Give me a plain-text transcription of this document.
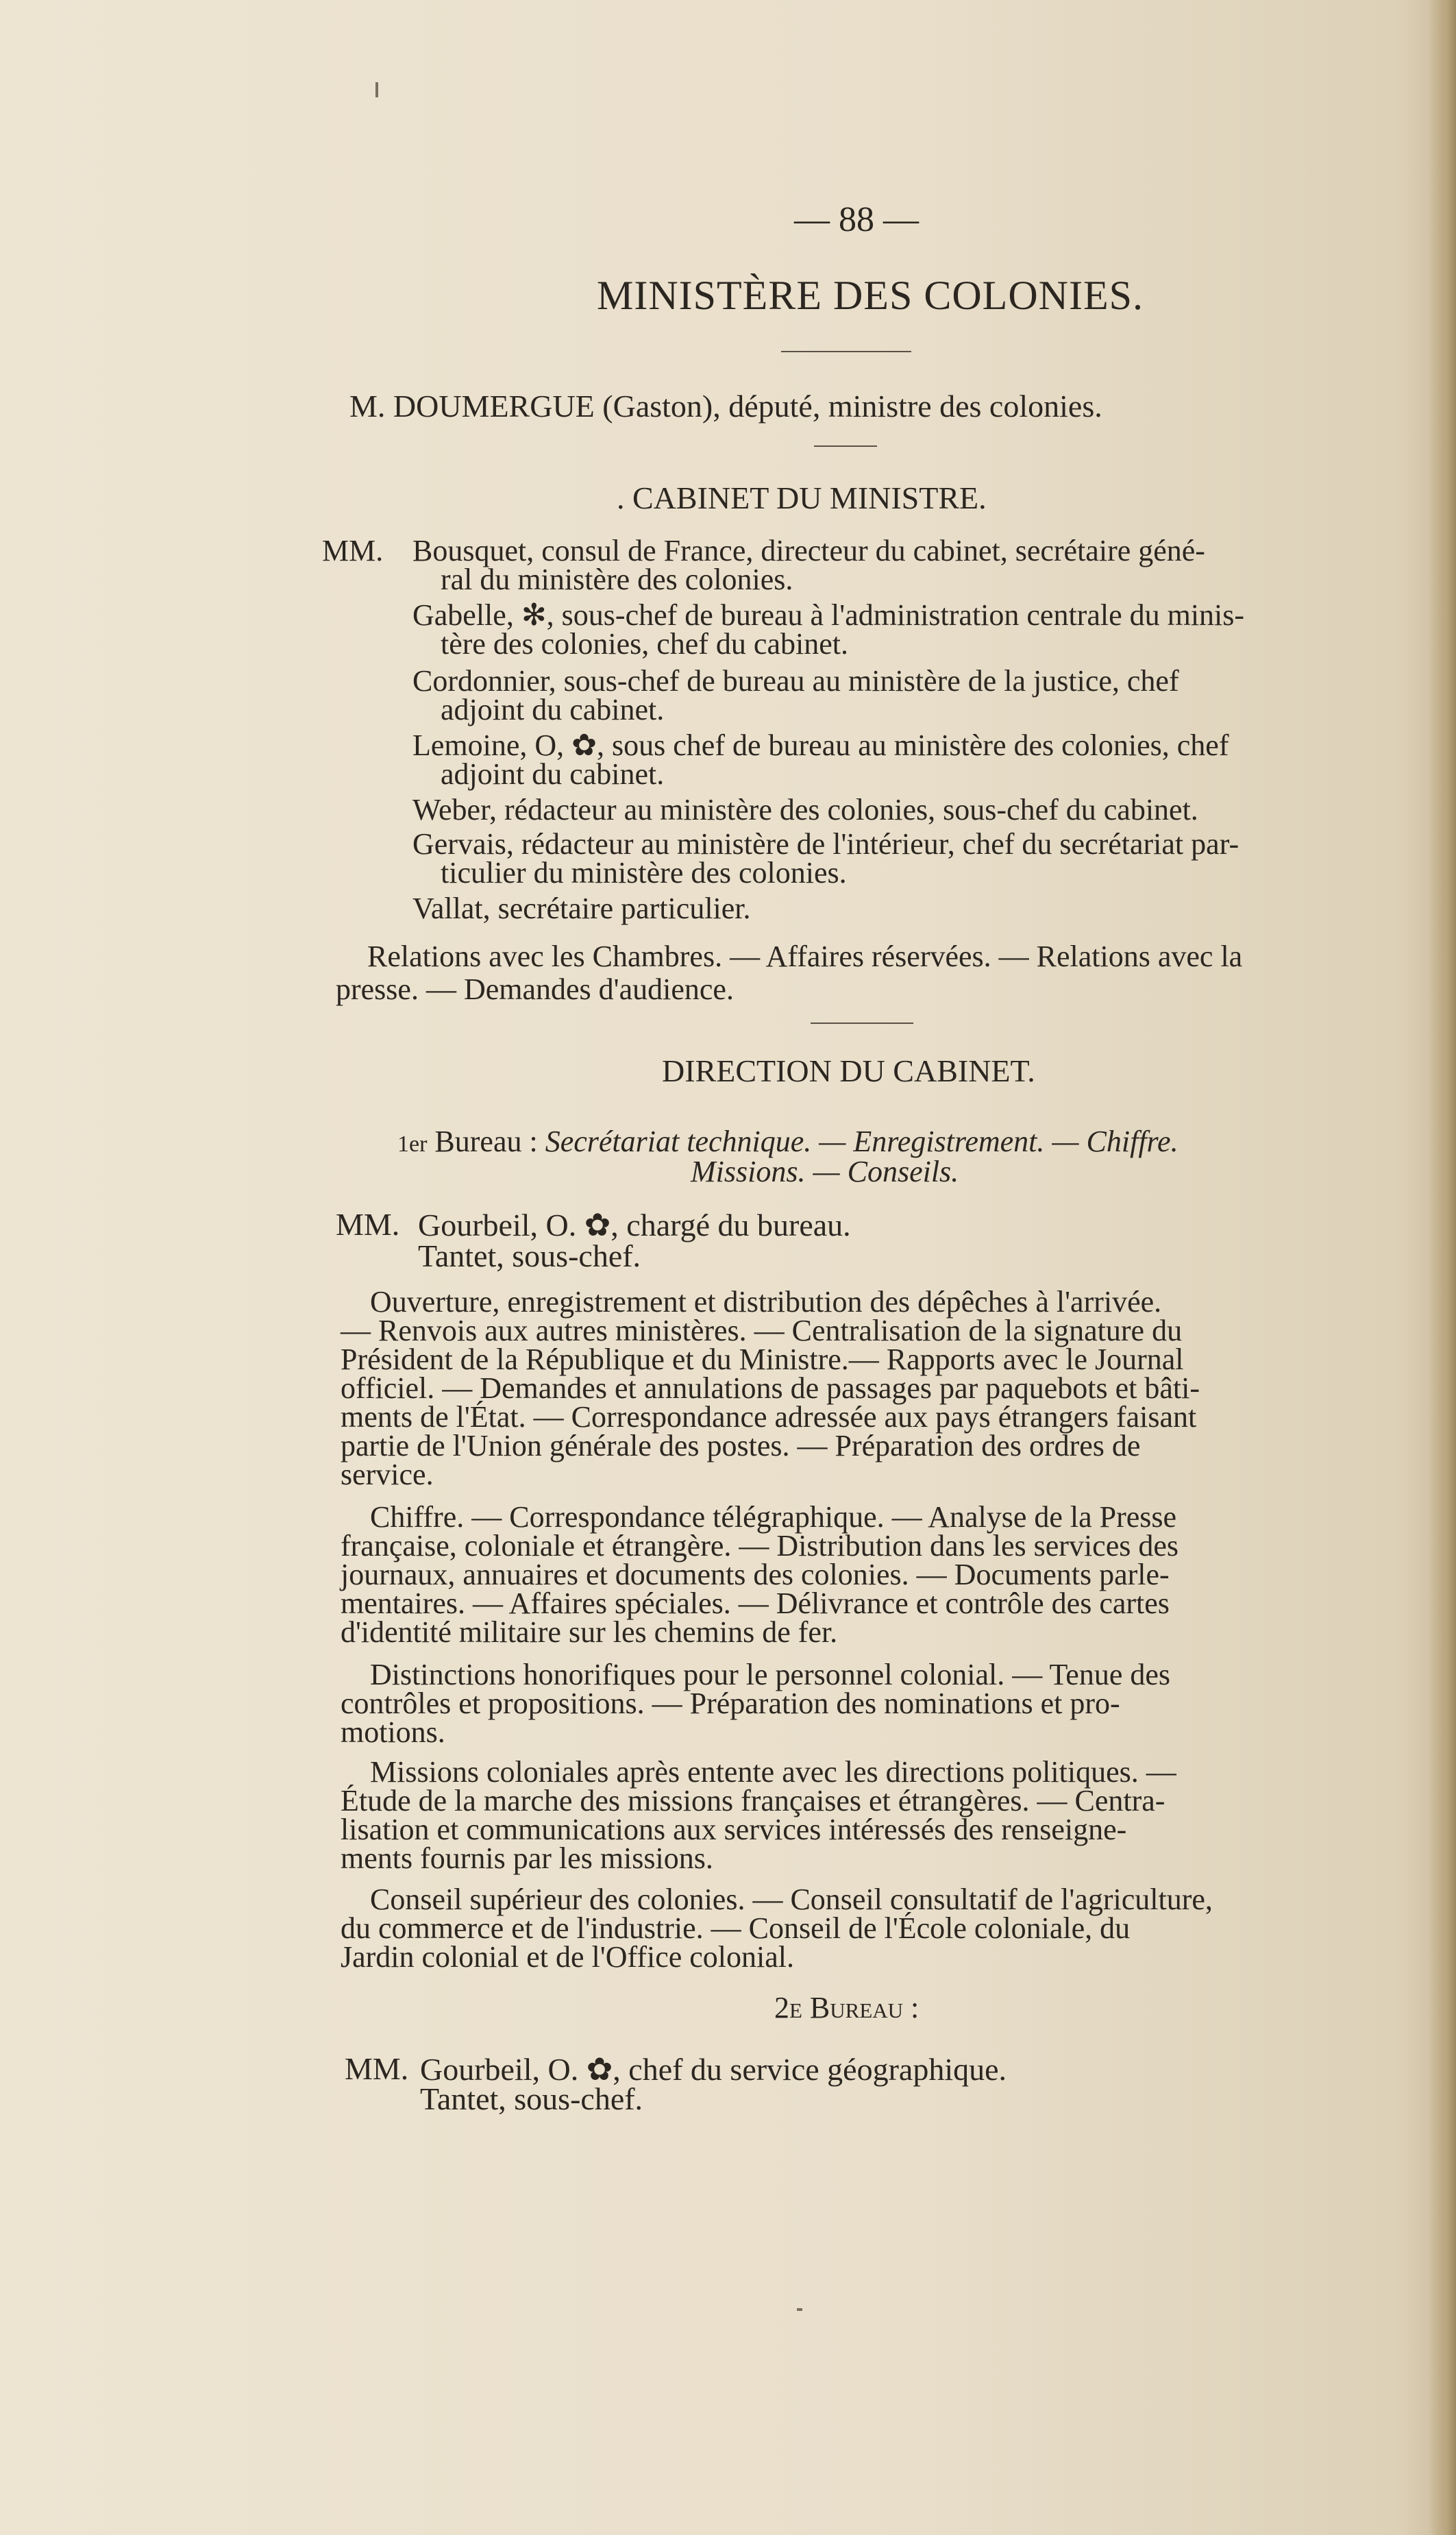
— 88 —
MINISTÈRE DES COLONIES.
M. DOUMERGUE (Gaston), député, ministre des colonies.
. CABINET DU MINISTRE.
MM. Bousquet, consul de France, directeur du cabinet, secrétaire géné-
ral du ministère des colonies.
Gabelle, ✻, sous-chef de bureau à l'administration centrale du minis-
tère des colonies, chef du cabinet.
Cordonnier, sous-chef de bureau au ministère de la justice, chef
adjoint du cabinet.
Lemoine, O, ✿, sous chef de bureau au ministère des colonies, chef
adjoint du cabinet.
Weber, rédacteur au ministère des colonies, sous-chef du cabinet.
Gervais, rédacteur au ministère de l'intérieur, chef du secrétariat par-
ticulier du ministère des colonies.
Vallat, secrétaire particulier.
Relations avec les Chambres. — Affaires réservées. — Relations avec la
presse. — Demandes d'audience.
DIRECTION DU CABINET.
1er Bureau : Secrétariat technique. — Enregistrement. — Chiffre.
Missions. — Conseils.
MM. Gourbeil, O. ✿, chargé du bureau.
Tantet, sous-chef.
Ouverture, enregistrement et distribution des dépêches à l'arrivée.
— Renvois aux autres ministères. — Centralisation de la signature du
Président de la République et du Ministre.— Rapports avec le Journal
officiel. — Demandes et annulations de passages par paquebots et bâti-
ments de l'État. — Correspondance adressée aux pays étrangers faisant
partie de l'Union générale des postes. — Préparation des ordres de
service.
Chiffre. — Correspondance télégraphique. — Analyse de la Presse
française, coloniale et étrangère. — Distribution dans les services des
journaux, annuaires et documents des colonies. — Documents parle-
mentaires. — Affaires spéciales. — Délivrance et contrôle des cartes
d'identité militaire sur les chemins de fer.
Distinctions honorifiques pour le personnel colonial. — Tenue des
contrôles et propositions. — Préparation des nominations et pro-
motions.
Missions coloniales après entente avec les directions politiques. —
Étude de la marche des missions françaises et étrangères. — Centra-
lisation et communications aux services intéressés des renseigne-
ments fournis par les missions.
Conseil supérieur des colonies. — Conseil consultatif de l'agriculture,
du commerce et de l'industrie. — Conseil de l'École coloniale, du
Jardin colonial et de l'Office colonial.
2e Bureau :
MM. Gourbeil, O. ✿, chef du service géographique.
Tantet, sous-chef.
